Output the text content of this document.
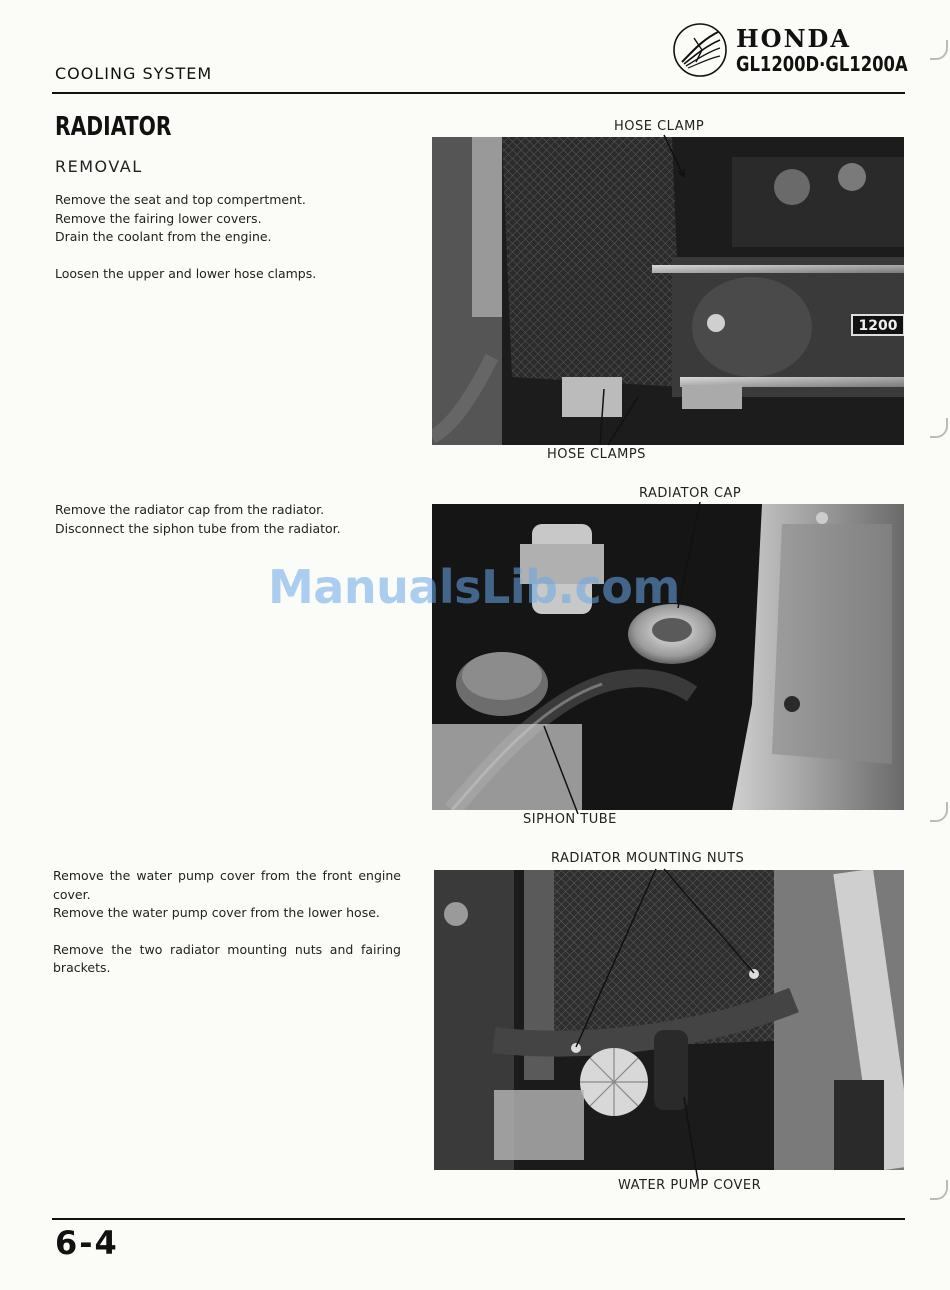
COOLING SYSTEM
HONDA
GL1200D·GL1200A
RADIATOR
REMOVAL
Remove the seat and top compertment.
Remove the fairing lower covers.
Drain the coolant from the engine.
Loosen the upper and lower hose clamps.
HOSE CLAMP
1200
HOSE CLAMPS
Remove the radiator cap from the radiator.
Disconnect the siphon tube from the radiator.
RADIATOR CAP
SIPHON TUBE
ManualsLib.com
Remove the water pump cover from the front engine cover.
Remove the water pump cover from the lower hose.
Remove the two radiator mounting nuts and fairing brackets.
RADIATOR MOUNTING NUTS
WATER PUMP COVER
6-4
